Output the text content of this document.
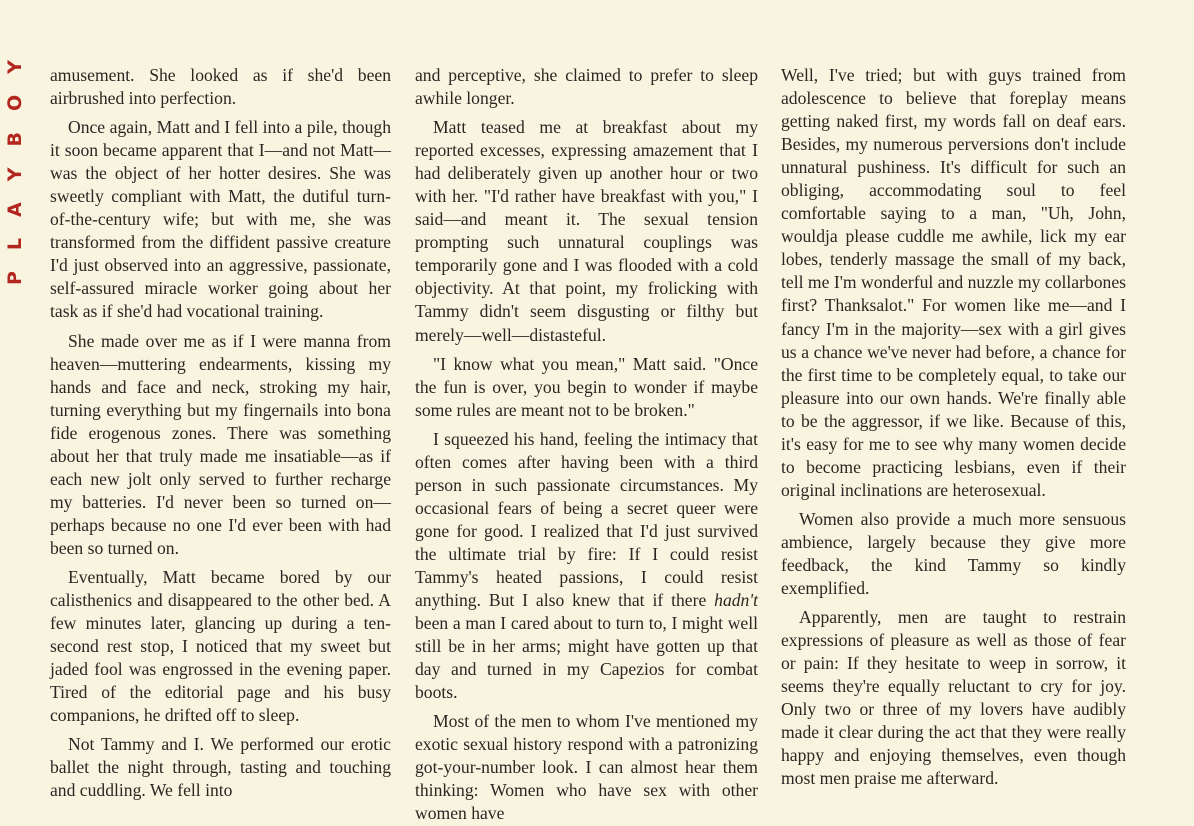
P
L
A
Y
B
O
Y amusement. She looked as if she'd been airbrushed into perfection.

Once again, Matt and I fell into a pile, though it soon became apparent that I—and not Matt—was the object of her hotter desires. She was sweetly compliant with Matt, the dutiful turn-of-the-century wife; but with me, she was transformed from the diffident passive creature I'd just observed into an aggressive, passionate, self-assured miracle worker going about her task as if she'd had vocational training.

She made over me as if I were manna from heaven—muttering endearments, kissing my hands and face and neck, stroking my hair, turning everything but my fingernails into bona fide erogenous zones. There was something about her that truly made me insatiable—as if each new jolt only served to further recharge my batteries. I'd never been so turned on—perhaps because no one I'd ever been with had been so turned on.

Eventually, Matt became bored by our calisthenics and disappeared to the other bed. A few minutes later, glancing up during a ten-second rest stop, I noticed that my sweet but jaded fool was engrossed in the evening paper. Tired of the editorial page and his busy companions, he drifted off to sleep.

Not Tammy and I. We performed our erotic ballet the night through, tasting and touching and cuddling. We fell into

and perceptive, she claimed to prefer to sleep awhile longer.

Matt teased me at breakfast about my reported excesses, expressing amazement that I had deliberately given up another hour or two with her. "I'd rather have breakfast with you," I said—and meant it. The sexual tension prompting such unnatural couplings was temporarily gone and I was flooded with a cold objectivity. At that point, my frolicking with Tammy didn't seem disgusting or filthy but merely—well—distasteful.

"I know what you mean," Matt said. "Once the fun is over, you begin to wonder if maybe some rules are meant not to be broken."

I squeezed his hand, feeling the intimacy that often comes after having been with a third person in such passionate circumstances. My occasional fears of being a secret queer were gone for good. I realized that I'd just survived the ultimate trial by fire: If I could resist Tammy's heated passions, I could resist anything. But I also knew that if there hadn't been a man I cared about to turn to, I might well still be in her arms; might have gotten up that day and turned in my Capezios for combat boots.

Most of the men to whom I've mentioned my exotic sexual history respond with a patronizing got-your-number look. I can almost hear them thinking: Women who have sex with other women have

Well, I've tried; but with guys trained from adolescence to believe that foreplay means getting naked first, my words fall on deaf ears. Besides, my numerous perversions don't include unnatural pushiness. It's difficult for such an obliging, accommodating soul to feel comfortable saying to a man, "Uh, John, wouldja please cuddle me awhile, lick my ear lobes, tenderly massage the small of my back, tell me I'm wonderful and nuzzle my collarbones first? Thanksalot." For women like me—and I fancy I'm in the majority—sex with a girl gives us a chance we've never had before, a chance for the first time to be completely equal, to take our pleasure into our own hands. We're finally able to be the aggressor, if we like. Because of this, it's easy for me to see why many women decide to become practicing lesbians, even if their original inclinations are heterosexual.

Women also provide a much more sensuous ambience, largely because they give more feedback, the kind Tammy so kindly exemplified.

Apparently, men are taught to restrain expressions of pleasure as well as those of fear or pain: If they hesitate to weep in sorrow, it seems they're equally reluctant to cry for joy. Only two or three of my lovers have audibly made it clear during the act that they were really happy and enjoying themselves, even though most men praise me afterward.
